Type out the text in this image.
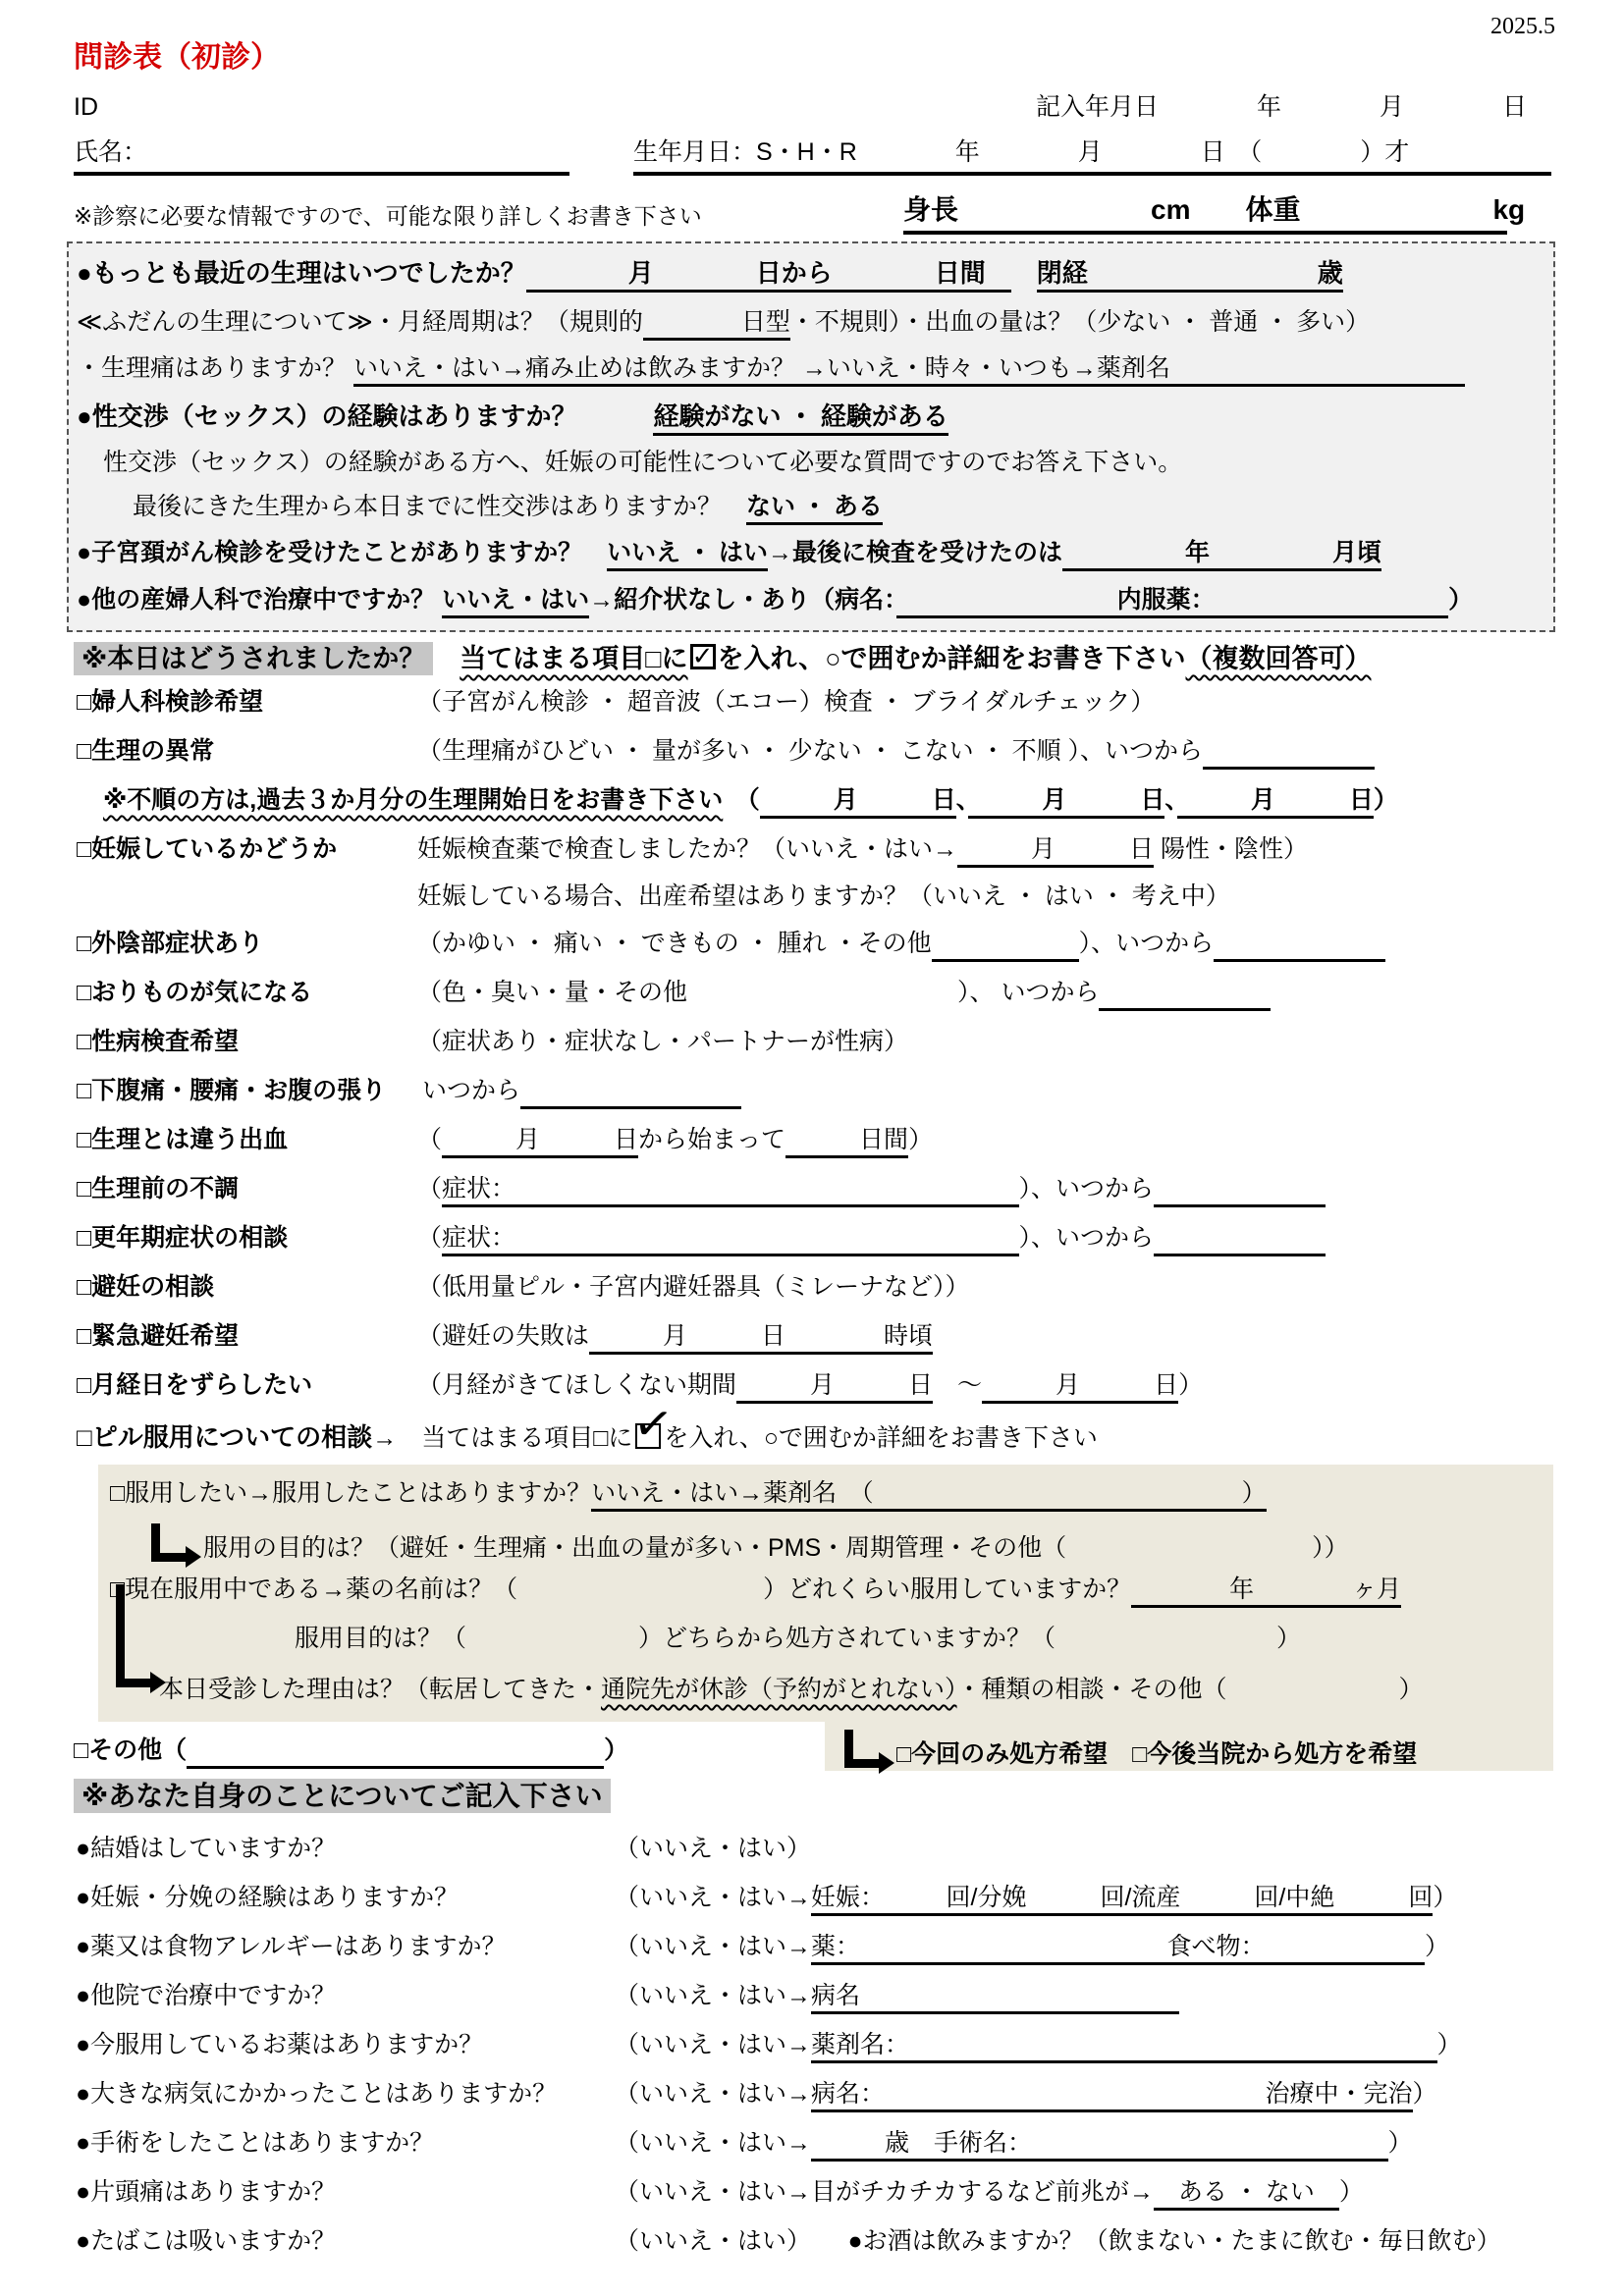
2025.5
問診表（初診）
ID	記入年月日　　　　年　　　　月　　　　日
氏名：	生年月日：S・H・R　　　　年　　　　月　　　　日　（　　　　）才
※診察に必要な情報ですので、可能な限り詳しくお書き下さい	身長　　　　　　　cm　　体重　　　　　　　kg
●もっとも最近の生理はいつでしたか？　　　　月　　　　日から　　　　日間　　閉経　　　　　　　　　歳
≪ふだんの生理について≫・月経周期は？（規則的　　　　日型・不規則）・出血の量は？（少ない ・ 普通 ・ 多い）
・生理痛はありますか？ いいえ・はい→痛み止めは飲みますか？ →いいえ・時々・いつも→薬剤名　　　　　　　　　　　　
●性交渉（セックス）の経験はありますか？　　　	経験がない ・ 経験がある
性交渉（セックス）の経験がある方へ、妊娠の可能性について必要な質問ですのでお答え下さい。
最後にきた生理から本日までに性交渉はありますか？　ない ・ ある
●子宮頚がん検診を受けたことがありますか？　 いいえ ・ はい→最後に検査を受けたのは　　　　　年　　　　　月頃
●他の産婦人科で治療中ですか？ いいえ・はい→紹介状なし・あり（病名：　　　　　　　　　内服薬：　　　　　　　　　　）
※本日はどうされましたか？　 当てはまる項目□に ✓ を入れ、○で囲むか詳細をお書き下さい（複数回答可）
□婦人科検診希望	（子宮がん検診 ・ 超音波（エコー）検査 ・ ブライダルチェック）
□生理の異常	（生理痛がひどい ・ 量が多い ・ 少ない ・ こない ・ 不順 ）、いつから　　　　　　　
※不順の方は,過去３か月分の生理開始日をお書き下さい　（　　　月　　　日、　　　月　　　日、　　　月　　　日）
□妊娠しているかどうか	妊娠検査薬で検査しましたか？（いいえ・はい→　　　月　　　日 陽性・陰性）
妊娠している場合、出産希望はありますか？（いいえ ・ はい ・ 考え中）
□外陰部症状あり	（かゆい ・ 痛い ・ できもの ・ 腫れ ・その他　　　　　　	）、いつから　　　　　　　
□おりものが気になる	（色・臭い・量・その他　　　　　　　　　　　）、 いつから　　　　　　　
□性病検査希望	（症状あり・症状なし・パートナーが性病）
□下腹痛・腰痛・お腹の張り いつから　　　　　　　　　
□生理とは違う出血	（　　　月　　　日から始まって　　　日間）
□生理前の不調	（症状：　　　　　　　　　　　　　　　　　　　　　）、いつから　　　　　　　
□更年期症状の相談	（症状：　　　　　　　　　　　　　　　　　　　　　）、いつから　　　　　　　
□避妊の相談	（低用量ピル・子宮内避妊器具（ミレーナなど））
□緊急避妊希望	（避妊の失敗は　　　月　　　日　　　　時頃
□月経日をずらしたい	（月経がきてほしくない期間　　　月　　　日　～　　　月　　　日）
□ピル服用についての相談→　 当てはまる項目□に ✓ を入れ、○で囲むか詳細をお書き下さい
□服用したい→服用したことはありますか？いいえ・はい→薬剤名　（　　　　　　　　　　　　　　　）
服用の目的は？（避妊・生理痛・出血の量が多い・PMS・周期管理・その他（　　　　　　　　　　））
□現在服用中である→薬の名前は？（　　　　　　　　　　）どれくらい服用していますか？　　　　年　　　　ヶ月
服用目的は？（　　　　　　　）どちらから処方されていますか？（　　　　　　　　　）
本日受診した理由は？（転居してきた・通院先が休診（予約がとれない）・種類の相談・その他（　　　　　　　）
□その他（　　　　　　　　　　　　　　　　　	）	□今回のみ処方希望　□今後当院から処方を希望
※あなた自身のことについてご記入下さい
●結婚はしていますか？	（いいえ・はい）
●妊娠・分娩の経験はありますか？	（いいえ・はい→妊娠：　　　回/分娩　　　回/流産　　　回/中絶　　　回）
●薬又は食物アレルギーはありますか？	（いいえ・はい→薬：　　　　　　　　　　　　　食べ物：　　　　　　　）
●他院で治療中ですか？	（いいえ・はい→病名　　　　　　　　　　　　　
●今服用しているお薬はありますか？	（いいえ・はい→薬剤名：　　　　　　　　　　　　　　　　　　　　　　）
●大きな病気にかかったことはありますか？ （いいえ・はい→病名：　　　　　　　　　　　　　　　　治療中・完治）
●手術をしたことはありますか？	（いいえ・はい→　　　歳　手術名：　　　　　　　　　　　　　　　）
●片頭痛はありますか？	（いいえ・はい→目がチカチカするなど前兆が→　ある ・ ない　）
●たばこは吸いますか？	（いいえ・はい）　　 ●お酒は飲みますか？（飲まない・たまに飲む・毎日飲む）
